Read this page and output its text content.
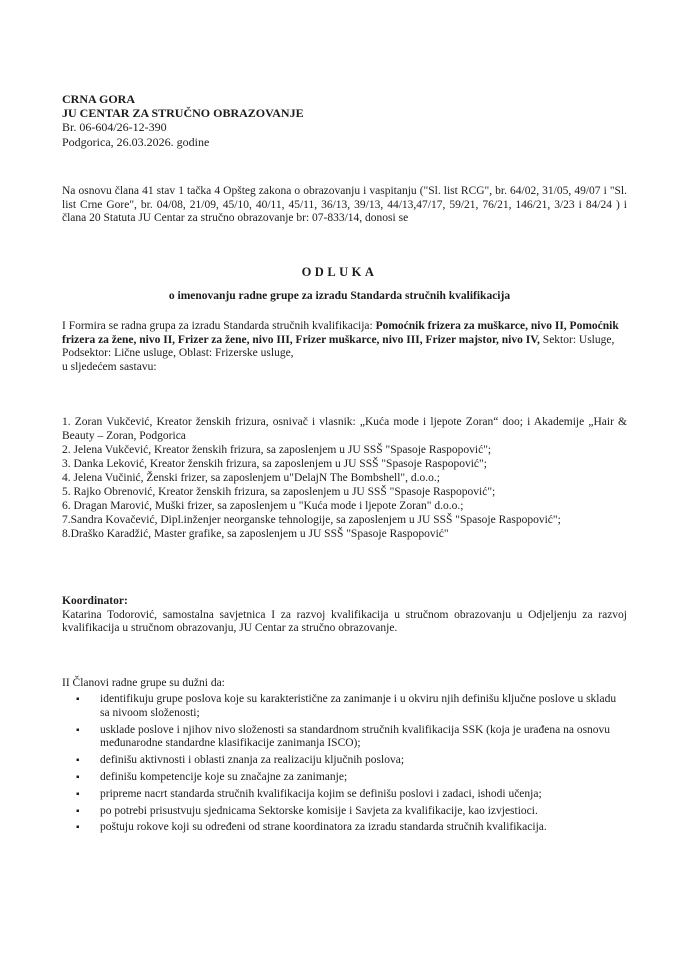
CRNA GORA
JU CENTAR ZA STRUČNO OBRAZOVANJE
Br. 06-604/26-12-390
Podgorica, 26.03.2026. godine
Na osnovu člana 41 stav 1 tačka 4 Opšteg zakona o obrazovanju i vaspitanju ("Sl. list RCG", br. 64/02, 31/05, 49/07 i "Sl. list Crne Gore", br. 04/08, 21/09, 45/10, 40/11, 45/11, 36/13, 39/13, 44/13,47/17, 59/21, 76/21, 146/21, 3/23 i 84/24 ) i člana 20 Statuta JU Centar za stručno obrazovanje br: 07-833/14, donosi se
ODLUKA
o imenovanju radne grupe za izradu Standarda stručnih kvalifikacija
I Formira se radna grupa za izradu Standarda stručnih kvalifikacija: Pomoćnik frizera za muškarce, nivo II, Pomoćnik frizera za žene, nivo II, Frizer za žene, nivo III, Frizer muškarce, nivo III, Frizer majstor, nivo IV, Sektor: Usluge, Podsektor: Lične usluge, Oblast: Frizerske usluge,
u sljedećem sastavu:
1. Zoran Vukčević, Kreator ženskih frizura, osnivač i vlasnik: „Kuća mode i ljepote Zoran“ doo; i Akademije „Hair & Beauty – Zoran, Podgorica
2. Jelena Vukčević, Kreator ženskih frizura, sa zaposlenjem u JU SSŠ "Spasoje Raspopović";
3. Danka Leković, Kreator ženskih frizura, sa zaposlenjem u JU SSŠ "Spasoje Raspopović";
4. Jelena Vučinić, Ženski frizer, sa zaposlenjem u"DelajN The Bombshell", d.o.o.;
5. Rajko Obrenović, Kreator ženskih frizura, sa zaposlenjem u JU SSŠ "Spasoje Raspopović";
6. Dragan Marović, Muški frizer, sa zaposlenjem u "Kuća mode i ljepote Zoran" d.o.o.;
7.Sandra Kovačević, Dipl.inženjer neorganske tehnologije, sa zaposlenjem u JU SSŠ "Spasoje Raspopović";
8.Draško Karadžić, Master grafike, sa zaposlenjem u JU SSŠ "Spasoje Raspopović"
Koordinator:
Katarina Todorović, samostalna savjetnica I za razvoj kvalifikacija u stručnom obrazovanju u Odjeljenju za razvoj kvalifikacija u stručnom obrazovanju, JU Centar za stručno obrazovanje.
II Članovi radne grupe su dužni da:
▪ identifikuju grupe poslova koje su karakteristične za zanimanje i u okviru njih definišu ključne poslove u skladu sa nivoom složenosti;
▪ usklade poslove i njihov nivo složenosti sa standardnom stručnih kvalifikacija SSK (koja je urađena na osnovu međunarodne standardne klasifikacije zanimanja ISCO);
▪ definišu aktivnosti i oblasti znanja za realizaciju ključnih poslova;
▪ definišu kompetencije koje su značajne za zanimanje;
▪ pripreme nacrt standarda stručnih kvalifikacija kojim se definišu poslovi i zadaci, ishodi učenja;
▪ po potrebi prisustvuju sjednicama Sektorske komisije i Savjeta za kvalifikacije, kao izvjestioci.
▪ poštuju rokove koji su određeni od strane koordinatora za izradu standarda stručnih kvalifikacija.
